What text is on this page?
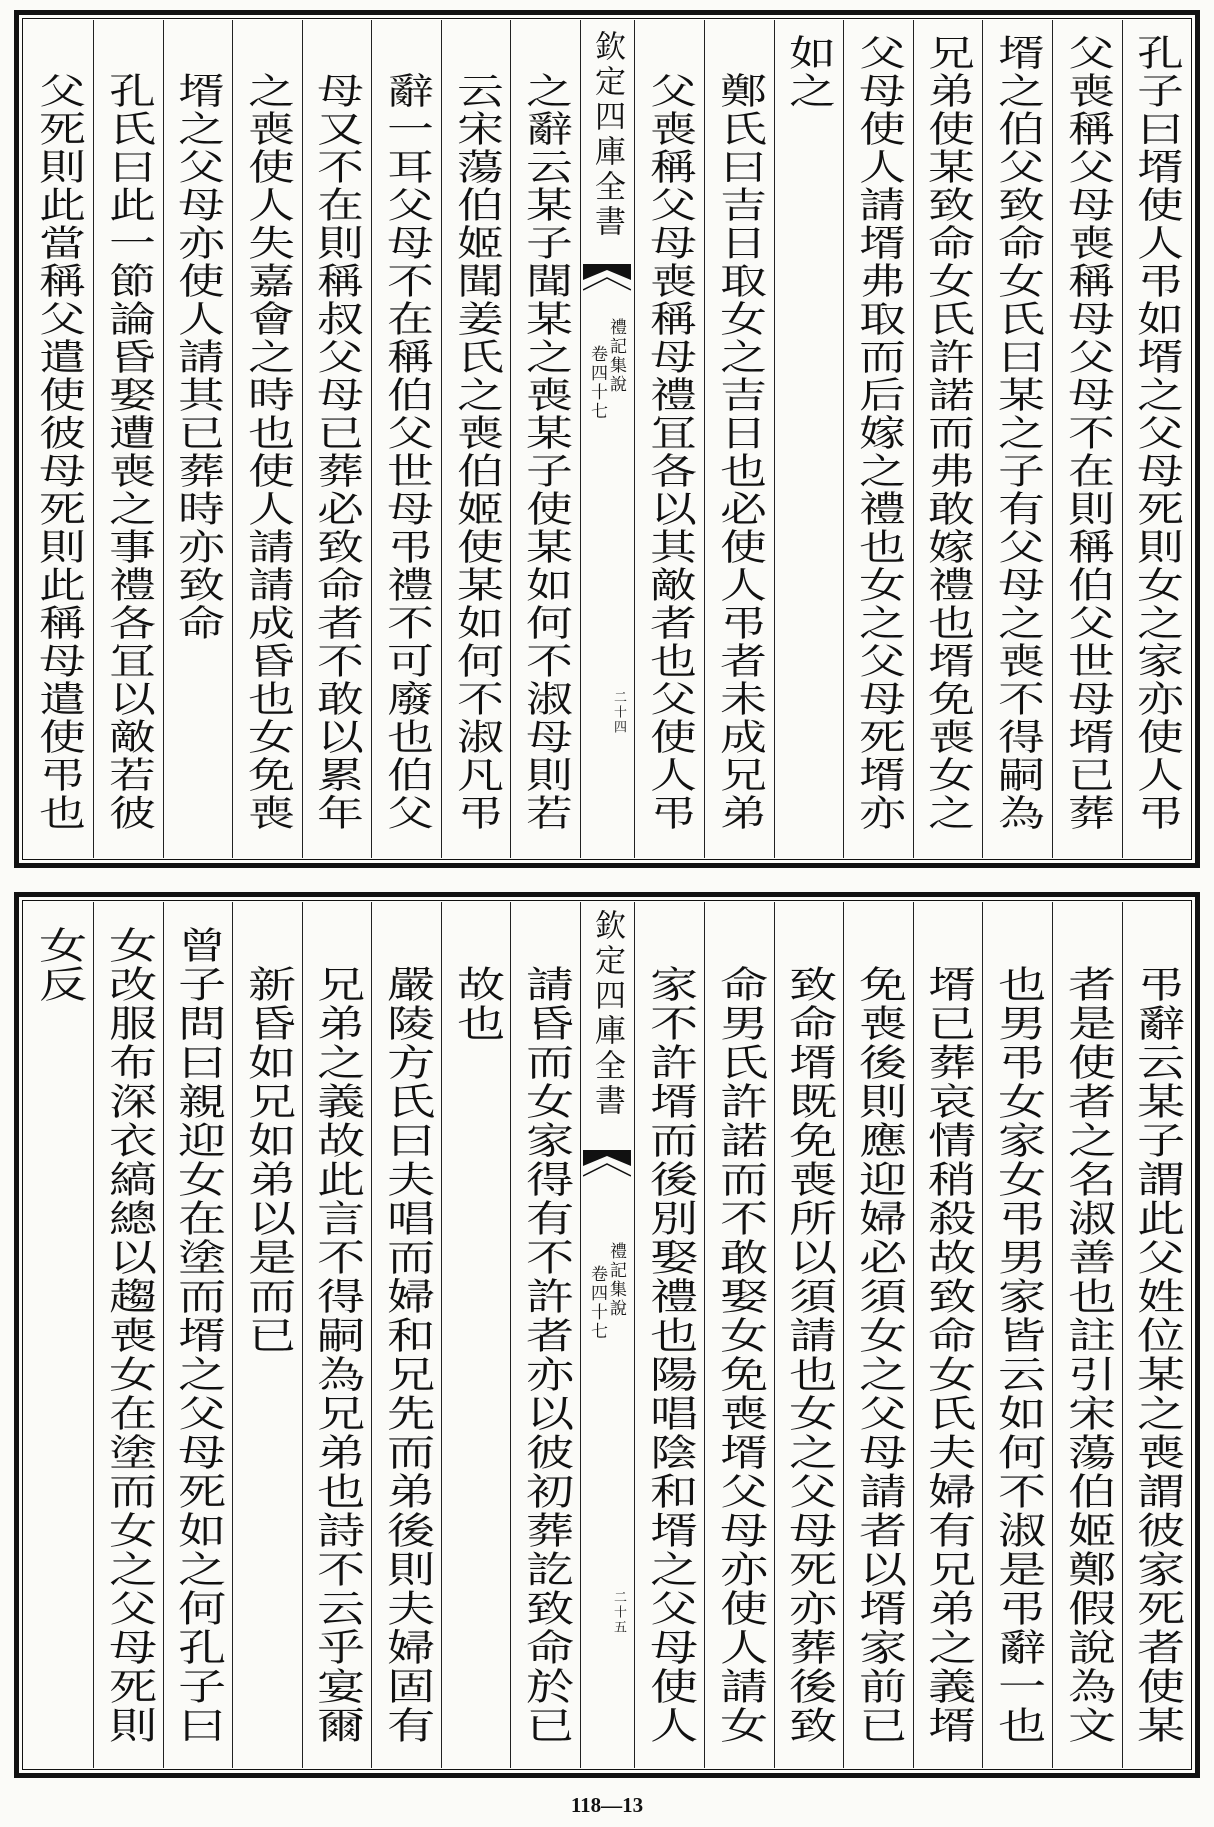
欽定四庫全書
禮記集說
卷四十七
二十四	孔子曰壻使人弔如壻之父母死則女之家亦使人弔
父喪稱父母喪稱母父母不在則稱伯父世母壻已葬
壻之伯父致命女氏曰某之子有父母之喪不得嗣為
兄弟使某致命女氏許諾而弗敢嫁禮也壻免喪女之
父母使人請壻弗取而后嫁之禮也女之父母死壻亦
如之
鄭氏曰吉日取女之吉日也必使人弔者未成兄弟
父喪稱父母喪稱母禮冝各以其敵者也父使人弔
之辭云某子聞某之喪某子使某如何不淑母則若
云宋蕩伯姬聞姜氏之喪伯姬使某如何不淑凡弔
辭一耳父母不在稱伯父世母弔禮不可廢也伯父
母又不在則稱叔父母已葬必致命者不敢以累年
之喪使人失嘉會之時也使人請請成昏也女免喪
壻之父母亦使人請其已葬時亦致命
孔氏曰此一節論昏娶遭喪之事禮各冝以敵若彼
父死則此當稱父遣使彼母死則此稱母遣使弔也
欽定四庫全書
禮記集說
卷四十七
二十五	弔辭云某子謂此父姓位某之喪謂彼家死者使某
者是使者之名淑善也註引宋蕩伯姬鄭假說為文
也男弔女家女弔男家皆云如何不淑是弔辭一也
壻已葬哀情稍殺故致命女氏夫婦有兄弟之義壻
免喪後則應迎婦必須女之父母請者以壻家前已
致命壻既免喪所以須請也女之父母死亦葬後致
命男氏許諾而不敢娶女免喪壻父母亦使人請女
家不許壻而後別娶禮也陽唱陰和壻之父母使人
請昏而女家得有不許者亦以彼初葬訖致命於已
故也
嚴陵方氏曰夫唱而婦和兄先而弟後則夫婦固有
兄弟之義故此言不得嗣為兄弟也詩不云乎宴爾
新昏如兄如弟以是而已
曾子問曰親迎女在塗而壻之父母死如之何孔子曰
女改服布深衣縞總以趨喪女在塗而女之父母死則
女反
118—13
